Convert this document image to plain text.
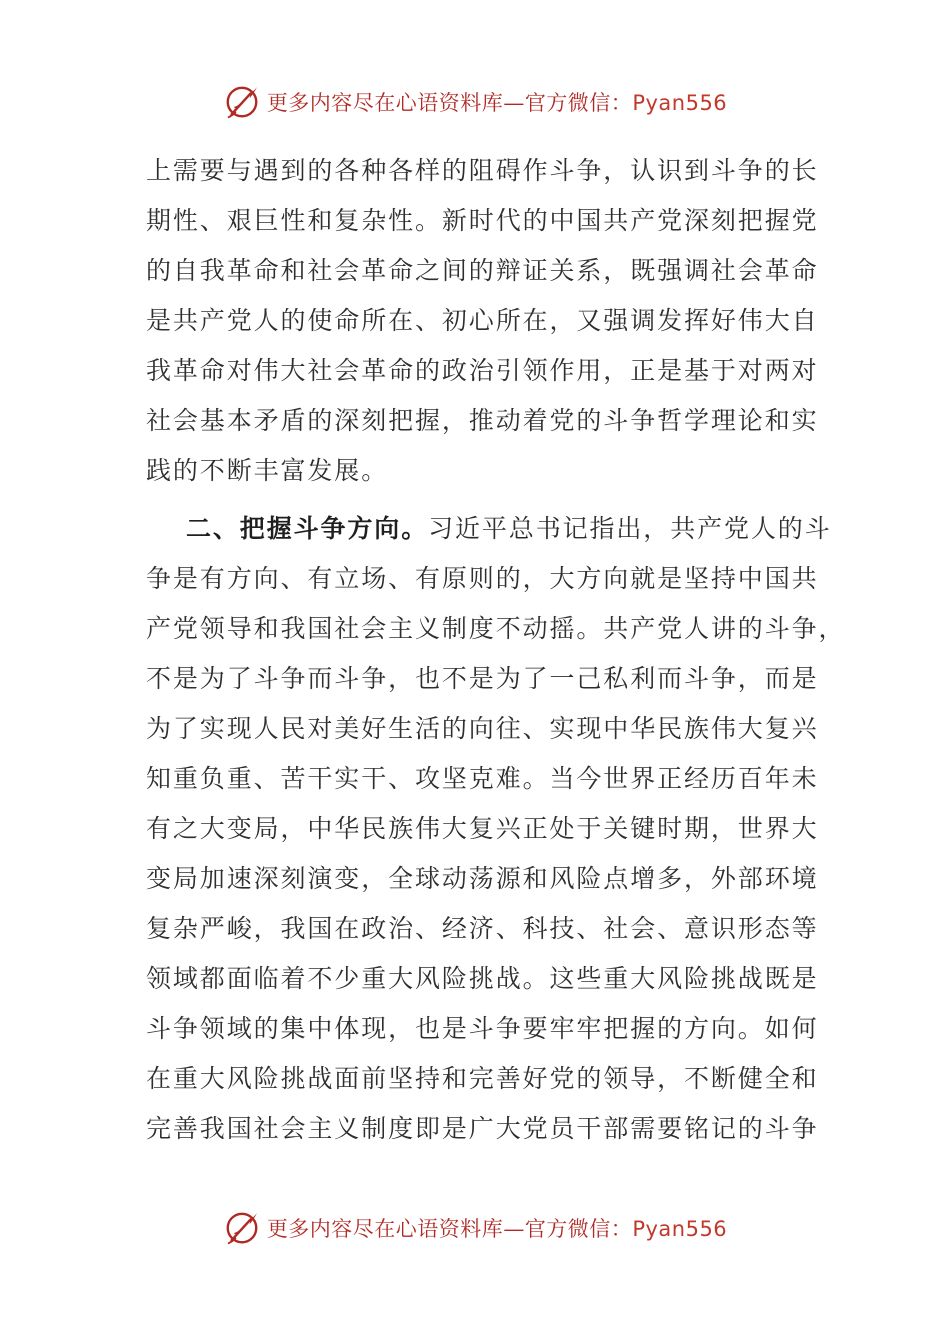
更多内容尽在心语资料库—官方微信：Pyan556
上需要与遇到的各种各样的阻碍作斗争，认识到斗争的长
期性、艰巨性和复杂性。新时代的中国共产党深刻把握党
的自我革命和社会革命之间的辩证关系，既强调社会革命
是共产党人的使命所在、初心所在，又强调发挥好伟大自
我革命对伟大社会革命的政治引领作用，正是基于对两对
社会基本矛盾的深刻把握，推动着党的斗争哲学理论和实
践的不断丰富发展。
二、把握斗争方向。习近平总书记指出，共产党人的斗
争是有方向、有立场、有原则的，大方向就是坚持中国共
产党领导和我国社会主义制度不动摇。共产党人讲的斗争，
不是为了斗争而斗争，也不是为了一己私利而斗争，而是
为了实现人民对美好生活的向往、实现中华民族伟大复兴
知重负重、苦干实干、攻坚克难。当今世界正经历百年未
有之大变局，中华民族伟大复兴正处于关键时期，世界大
变局加速深刻演变，全球动荡源和风险点增多，外部环境
复杂严峻，我国在政治、经济、科技、社会、意识形态等
领域都面临着不少重大风险挑战。这些重大风险挑战既是
斗争领域的集中体现，也是斗争要牢牢把握的方向。如何
在重大风险挑战面前坚持和完善好党的领导，不断健全和
完善我国社会主义制度即是广大党员干部需要铭记的斗争
更多内容尽在心语资料库—官方微信：Pyan556
